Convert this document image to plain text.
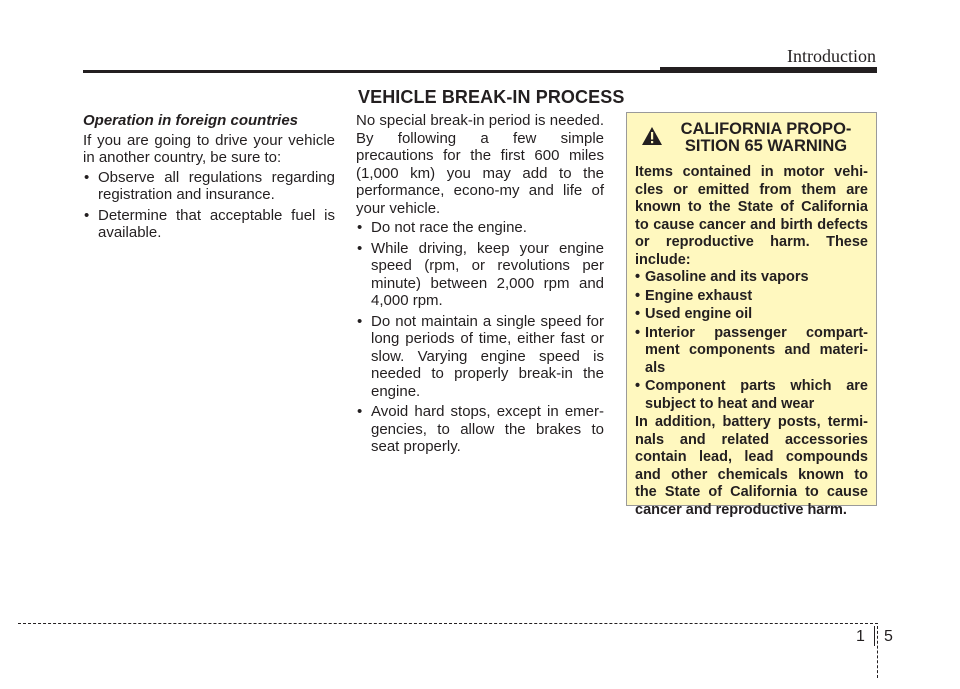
Introduction
VEHICLE BREAK-IN PROCESS
Operation in foreign countries

If you are going to drive your vehicle in another country, be sure to:

• Observe all regulations regarding registration and insurance.
• Determine that acceptable fuel is available.

No special break-in period is needed. By following a few simple precautions for the first 600 miles (1,000 km) you may add to the performance, econo-my and life of your vehicle.

• Do not race the engine.
• While driving, keep your engine speed (rpm, or revolutions per minute) between 2,000 rpm and 4,000 rpm.
• Do not maintain a single speed for long periods of time, either fast or slow. Varying engine speed is needed to properly break-in the engine.
• Avoid hard stops, except in emer-gencies, to allow the brakes to seat properly.
CALIFORNIA PROPO-SITION 65 WARNING

Items contained in motor vehi-cles or emitted from them are known to the State of California to cause cancer and birth defects or reproductive harm. These include:

• Gasoline and its vapors
• Engine exhaust
• Used engine oil
• Interior passenger compart-ment components and materi-als
• Component parts which are subject to heat and wear

In addition, battery posts, termi-nals and related accessories contain lead, lead compounds and other chemicals known to the State of California to cause cancer and reproductive harm.

1 5
